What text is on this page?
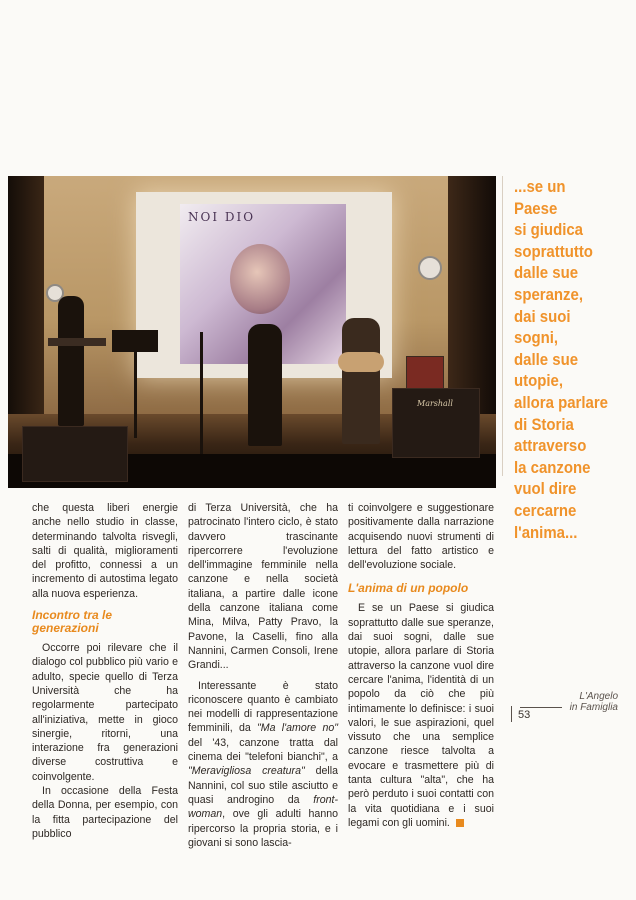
NOI DIO
Marshall

che questa liberi energie anche nello studio in classe, determinando talvolta risvegli, salti di qualità, miglioramenti del profitto, connessi a un incremento di autostima legato alla nuova esperienza.

Incontro tra le generazioni

Occorre poi rilevare che il dialogo col pubblico più vario e adulto, specie quello di Terza Università che ha regolarmente partecipato all'iniziativa, mette in gioco sinergie, ritorni, una interazione fra generazioni diverse costruttiva e coinvolgente.

In occasione della Festa della Donna, per esempio, con la fitta partecipazione del pubblico

di Terza Università, che ha patrocinato l'intero ciclo, è stato davvero trascinante ripercorrere l'evoluzione dell'immagine femminile nella canzone e nella società italiana, a partire dalle icone della canzone italiana come Mina, Milva, Patty Pravo, la Pavone, la Caselli, fino alla Nannini, Carmen Consoli, Irene Grandi...

Interessante è stato riconoscere quanto è cambiato nei modelli di rappresentazione femminili, da "Ma l'amore no" del '43, canzone tratta dal cinema dei "telefoni bianchi", a "Meravigliosa creatura" della Nannini, col suo stile asciutto e quasi androgino da front-woman, ove gli adulti hanno ripercorso la propria storia, e i giovani si sono lascia-

ti coinvolgere e suggestionare positivamente dalla narrazione acquisendo nuovi strumenti di lettura del fatto artistico e dell'evoluzione sociale.

L'anima di un popolo

E se un Paese si giudica soprattutto dalle sue speranze, dai suoi sogni, dalle sue utopie, allora parlare di Storia attraverso la canzone vuol dire cercare l'anima, l'identità di un popolo da ciò che più intimamente lo definisce: i suoi valori, le sue aspirazioni, quel vissuto che una semplice canzone riesce talvolta a evocare e trasmettere più di tanta cultura "alta", che ha però perduto i suoi contatti con la vita quotidiana e i suoi legami con gli uomini.

...se un Paese
si giudica
soprattutto
dalle sue
speranze,
dai suoi sogni,
dalle sue
utopie,
allora parlare
di Storia
attraverso
la canzone
vuol dire
cercarne
l'anima...
L'Angelo
in Famiglia
53
